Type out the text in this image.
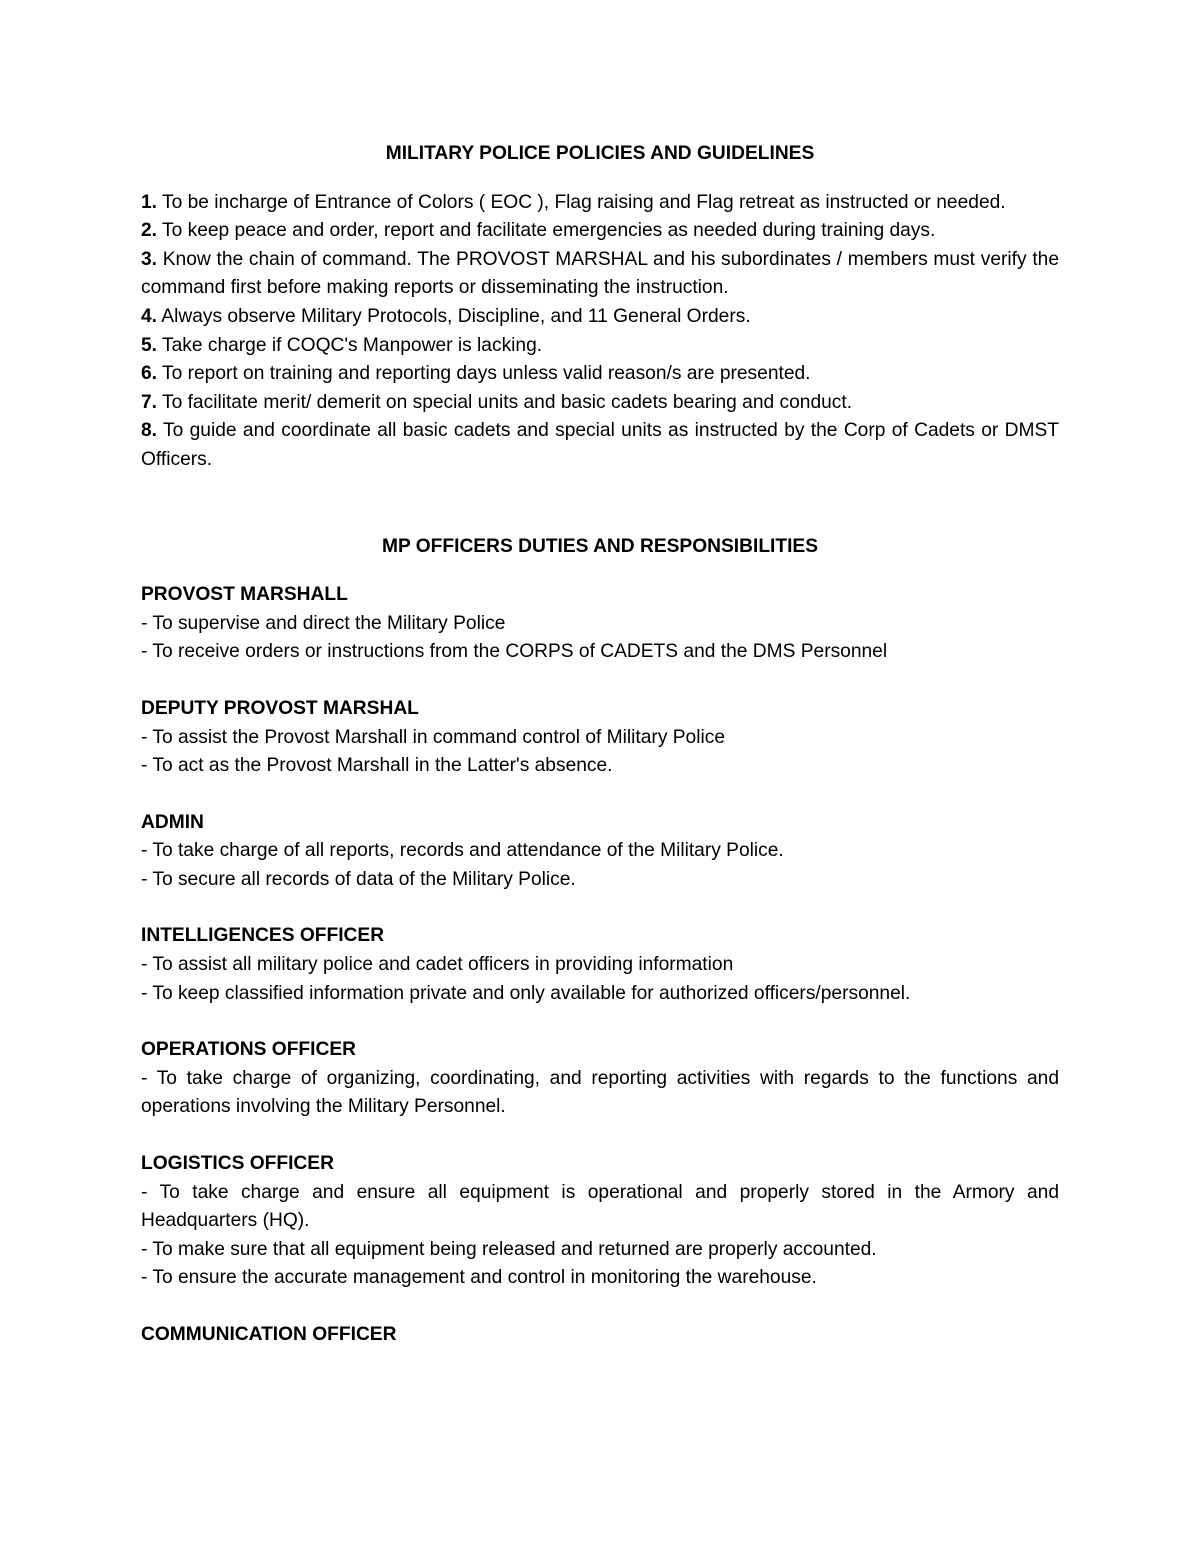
MILITARY POLICE POLICIES AND GUIDELINES

1. To be incharge of Entrance of Colors ( EOC ), Flag raising and Flag retreat as instructed or needed.

2. To keep peace and order, report and facilitate emergencies as needed during training days.

3. Know the chain of command. The PROVOST MARSHAL and his subordinates / members must verify the command first before making reports or disseminating the instruction.

4. Always observe Military Protocols, Discipline, and 11 General Orders.

5. Take charge if COQC's Manpower is lacking.

6. To report on training and reporting days unless valid reason/s are presented.

7. To facilitate merit/ demerit on special units and basic cadets bearing and conduct.

8. To guide and coordinate all basic cadets and special units as instructed by the Corp of Cadets or DMST Officers.

MP OFFICERS DUTIES AND RESPONSIBILITIES

PROVOST MARSHALL

- To supervise and direct the Military Police

- To receive orders or instructions from the CORPS of CADETS and the DMS Personnel

DEPUTY PROVOST MARSHAL

- To assist the Provost Marshall in command control of Military Police

- To act as the Provost Marshall in the Latter's absence.

ADMIN

- To take charge of all reports, records and attendance of the Military Police.

- To secure all records of data of the Military Police.

INTELLIGENCES OFFICER

- To assist all military police and cadet officers in providing information

- To keep classified information private and only available for authorized officers/personnel.

OPERATIONS OFFICER

- To take charge of organizing, coordinating, and reporting activities with regards to the functions and operations involving the Military Personnel.

LOGISTICS OFFICER

- To take charge and ensure all equipment is operational and properly stored in the Armory and Headquarters (HQ).

- To make sure that all equipment being released and returned are properly accounted.

- To ensure the accurate management and control in monitoring the warehouse.

COMMUNICATION OFFICER
